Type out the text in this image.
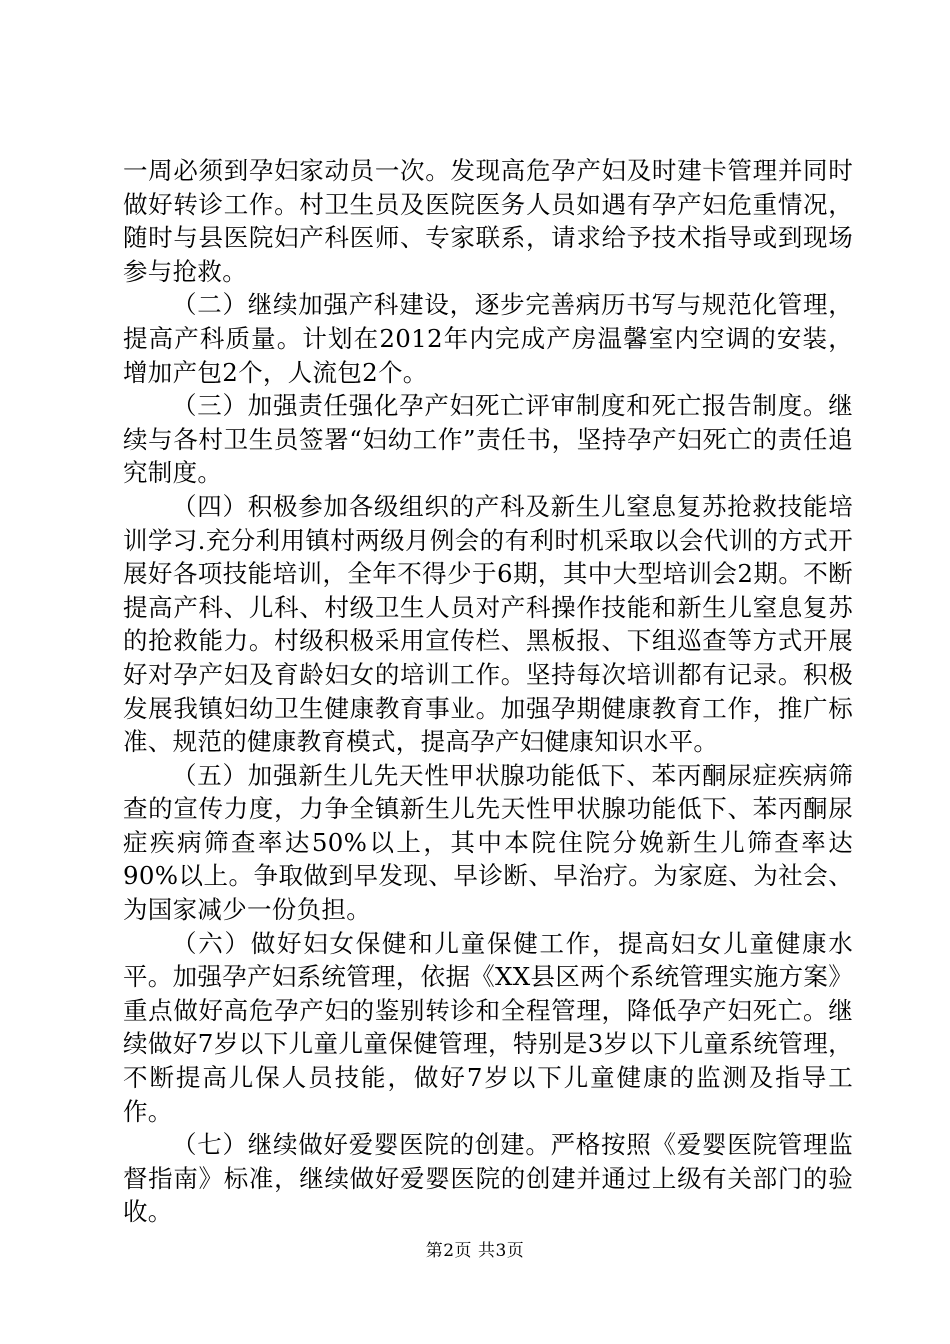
一周必须到孕妇家动员一次。发现高危孕产妇及时建卡管理并同时做好转诊工作。村卫生员及医院医务人员如遇有孕产妇危重情况，随时与县医院妇产科医师、专家联系，请求给予技术指导或到现场参与抢救。

（二）继续加强产科建设，逐步完善病历书写与规范化管理，提高产科质量。计划在2012年内完成产房温馨室内空调的安装，增加产包2个，人流包2个。

（三）加强责任强化孕产妇死亡评审制度和死亡报告制度。继续与各村卫生员签署“妇幼工作”责任书，坚持孕产妇死亡的责任追究制度。

（四）积极参加各级组织的产科及新生儿窒息复苏抢救技能培训学习.充分利用镇村两级月例会的有利时机采取以会代训的方式开展好各项技能培训，全年不得少于6期，其中大型培训会2期。不断提高产科、儿科、村级卫生人员对产科操作技能和新生儿窒息复苏的抢救能力。村级积极采用宣传栏、黑板报、下组巡查等方式开展好对孕产妇及育龄妇女的培训工作。坚持每次培训都有记录。积极发展我镇妇幼卫生健康教育事业。加强孕期健康教育工作，推广标准、规范的健康教育模式，提高孕产妇健康知识水平。

（五）加强新生儿先天性甲状腺功能低下、苯丙酮尿症疾病筛查的宣传力度，力争全镇新生儿先天性甲状腺功能低下、苯丙酮尿症疾病筛查率达50%以上，其中本院住院分娩新生儿筛查率达90%以上。争取做到早发现、早诊断、早治疗。为家庭、为社会、为国家减少一份负担。

（六）做好妇女保健和儿童保健工作，提高妇女儿童健康水平。加强孕产妇系统管理，依据《XX县区两个系统管理实施方案》重点做好高危孕产妇的鉴别转诊和全程管理，降低孕产妇死亡。继续做好7岁以下儿童儿童保健管理，特别是3岁以下儿童系统管理，不断提高儿保人员技能，做好7岁以下儿童健康的监测及指导工作。

（七）继续做好爱婴医院的创建。严格按照《爱婴医院管理监督指南》标准，继续做好爱婴医院的创建并通过上级有关部门的验收。

第2页 共3页
